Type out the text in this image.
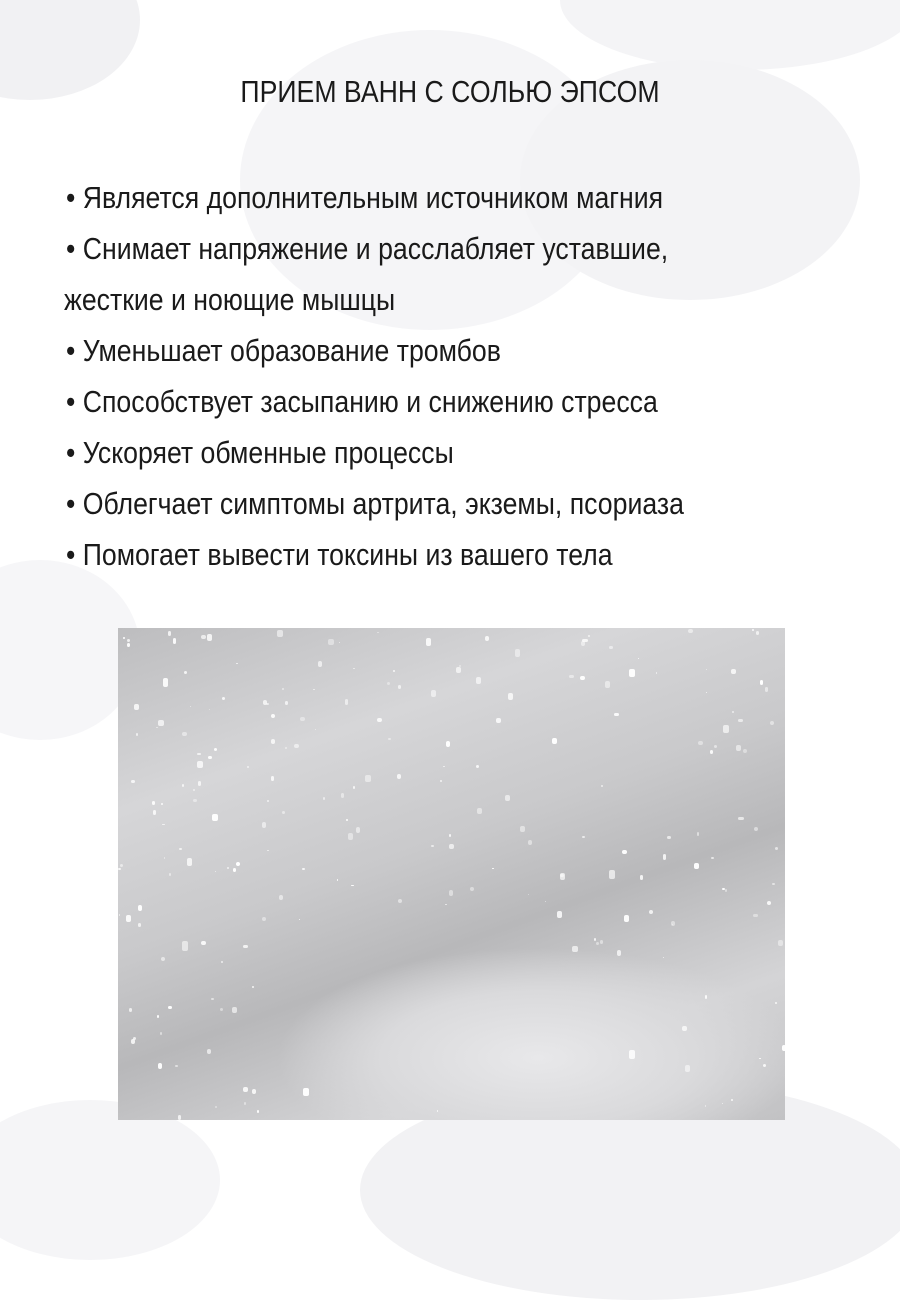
ПРИЕМ ВАНН С СОЛЬЮ ЭПСОМ
• Является дополнительным источником магния
• Снимает напряжение и расслабляет уставшие,
жесткие и ноющие мышцы
• Уменьшает образование тромбов
• Способствует засыпанию и снижению стресса
• Ускоряет обменные процессы
• Облегчает симптомы артрита, экземы, псориаза
• Помогает вывести токсины из вашего тела
